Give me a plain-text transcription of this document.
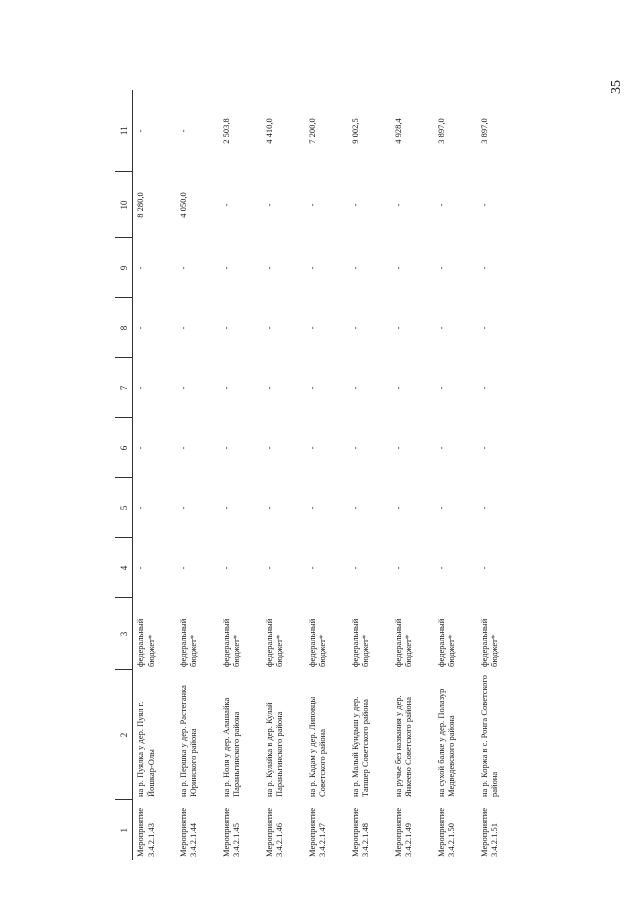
35
1	2	3	4	5	6	7	8	9	10	11
Мероприятие 3.4.2.1.43	на р. Пуялка у дер. Пуял г. Йошкар-Олы	федеральный бюджет*	-	-	-	-	-	-	8 280,0	-
Мероприятие 3.4.2.1.44	на р. Першка у дер. Растеганка Юринского района	федеральный бюджет*	-	-	-	-	-	-	4 050,0	-
Мероприятие 3.4.2.1.45	на р. Ноля у дер. Алашайка Параньгинского района	федеральный бюджет*	-	-	-	-	-	-	-	2 503,8
Мероприятие 3.4.2.1.46	на р. Кулайка в дер. Кулай Параньгинского района	федеральный бюджет*	-	-	-	-	-	-	-	4 410,0
Мероприятие 3.4.2.1.47	на р. Кадам у дер. Липовцы Советского района	федеральный бюджет*	-	-	-	-	-	-	-	7 200,0
Мероприятие 3.4.2.1.48	на р. Малый Кундыш у дер. Тапшер Советского района	федеральный бюджет*	-	-	-	-	-	-	-	9 002,5
Мероприятие 3.4.2.1.49	на ручье без названия у дер. Янкеево Советского района	федеральный бюджет*	-	-	-	-	-	-	-	4 928,4
Мероприятие 3.4.2.1.50	на сухой балке у дер. Полазур Медведевского района	федеральный бюджет*	-	-	-	-	-	-	-	3 897,0
Мероприятие 3.4.2.1.51	на р. Коржа в с. Ронга Советского района	федеральный бюджет*	-	-	-	-	-	-	-	3 897,0
